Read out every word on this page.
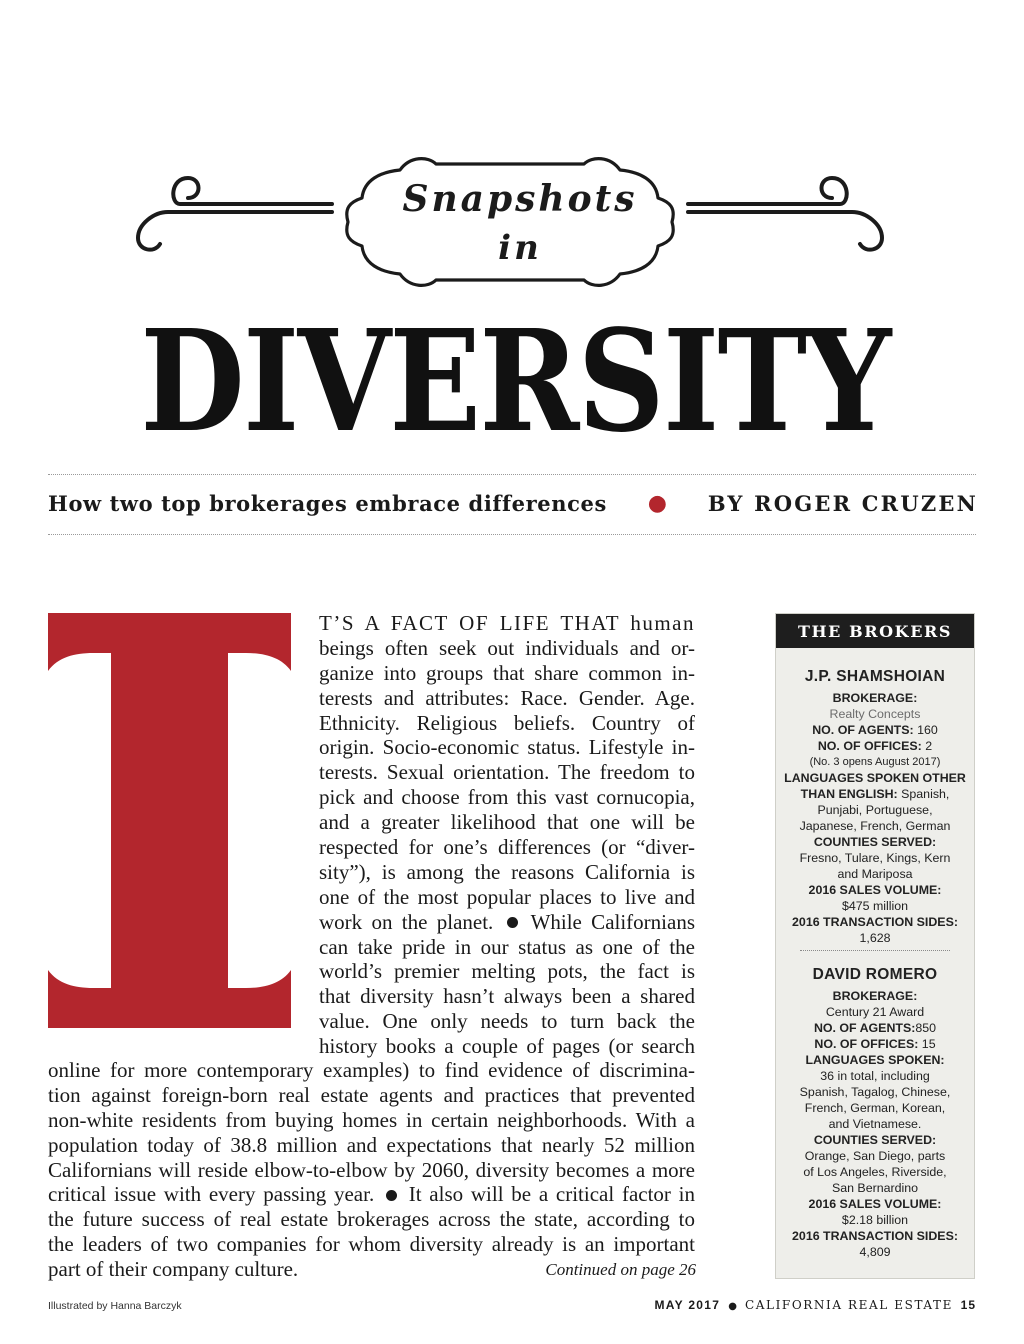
Snapshots
in
DIVERSITY
How two top brokerages embrace differences ● BY ROGER CRUZEN
T’S A FACT OF LIFE THAT human
beings often seek out individuals and or-
ganize into groups that share common in-
terests and attributes: Race. Gender. Age.
Ethnicity. Religious beliefs. Country of
origin. Socio-economic status. Lifestyle in-
terests. Sexual orientation. The freedom to
pick and choose from this vast cornucopia,
and a greater likelihood that one will be
respected for one’s differences (or “diver-
sity”), is among the reasons California is
one of the most popular places to live and
work on the planet. While Californians
can take pride in our status as one of the
world’s premier melting pots, the fact is
that diversity hasn’t always been a shared
value. One only needs to turn back the
history books a couple of pages (or search
online for more contemporary examples) to find evidence of discrimina-
tion against foreign-born real estate agents and practices that prevented
non-white residents from buying homes in certain neighborhoods. With a
population today of 38.8 million and expectations that nearly 52 million
Californians will reside elbow-to-elbow by 2060, diversity becomes a more
critical issue with every passing year. It also will be a critical factor in
the future success of real estate brokerages across the state, according to
the leaders of two companies for whom diversity already is an important
part of their company culture.	Continued on page 26
THE BROKERS
J.P. SHAMSHOIAN
BROKERAGE:
Realty Concepts
NO. OF AGENTS: 160
NO. OF OFFICES: 2
(No. 3 opens August 2017)
LANGUAGES SPOKEN OTHER
THAN ENGLISH: Spanish,
Punjabi, Portuguese,
Japanese, French, German
COUNTIES SERVED:
Fresno, Tulare, Kings, Kern
and Mariposa
2016 SALES VOLUME:
$475 million
2016 TRANSACTION SIDES:
1,628
DAVID ROMERO
BROKERAGE:
Century 21 Award
NO. OF AGENTS:850
NO. OF OFFICES: 15
LANGUAGES SPOKEN:
36 in total, including
Spanish, Tagalog, Chinese,
French, German, Korean,
and Vietnamese.
COUNTIES SERVED:
Orange, San Diego, parts
of Los Angeles, Riverside,
San Bernardino
2016 SALES VOLUME:
$2.18 billion
2016 TRANSACTION SIDES:
4,809
Illustrated by Hanna Barczyk	MAY 2017 ● CALIFORNIA REAL ESTATE 15
